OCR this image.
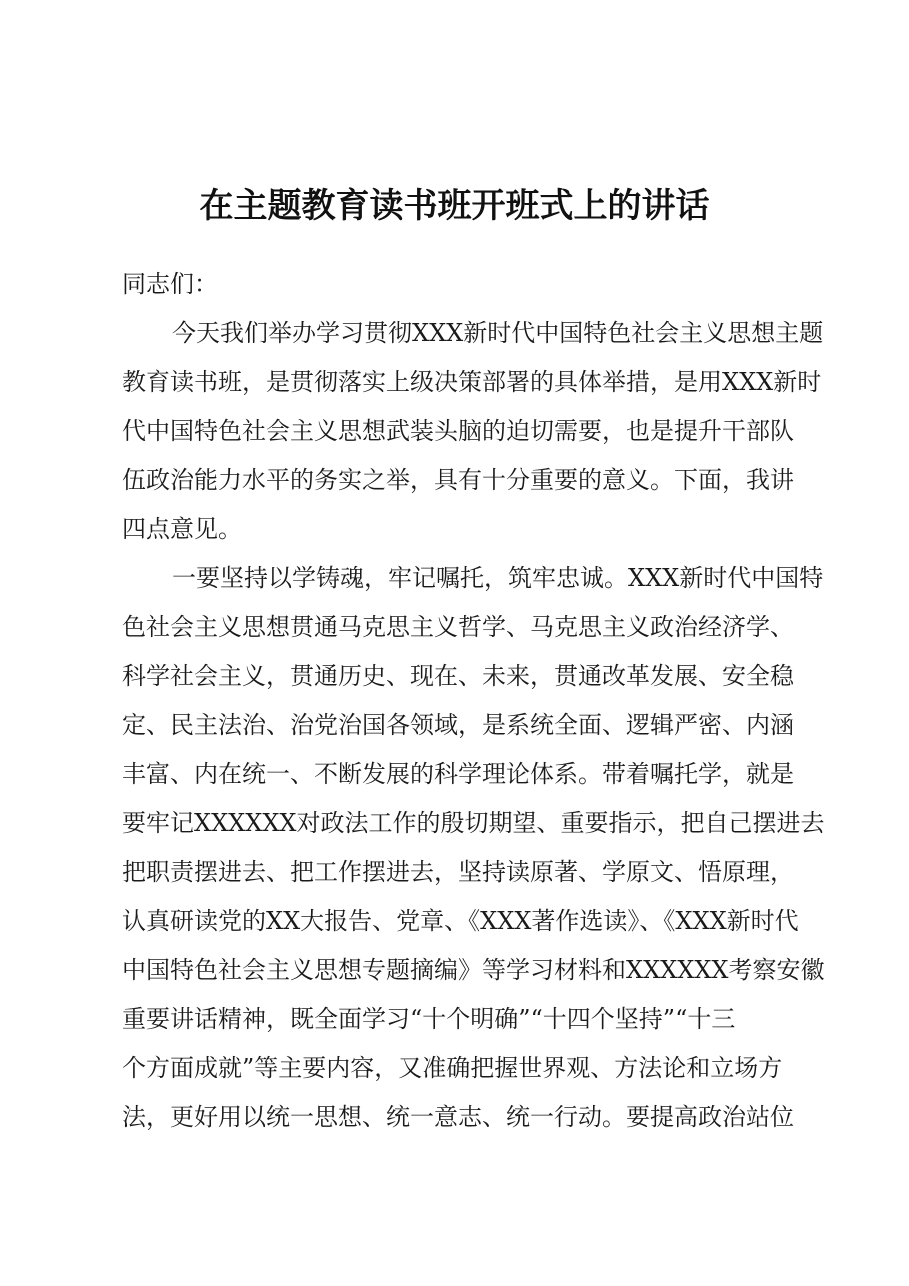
在主题教育读书班开班式上的讲话
同志们：
今天我们举办学习贯彻XXX新时代中国特色社会主义思想主题
教育读书班，是贯彻落实上级决策部署的具体举措，是用XXX新时
代中国特色社会主义思想武装头脑的迫切需要，也是提升干部队
伍政治能力水平的务实之举，具有十分重要的意义。下面，我讲
四点意见。
一要坚持以学铸魂，牢记嘱托，筑牢忠诚。XXX新时代中国特
色社会主义思想贯通马克思主义哲学、马克思主义政治经济学、
科学社会主义，贯通历史、现在、未来，贯通改革发展、安全稳
定、民主法治、治党治国各领域，是系统全面、逻辑严密、内涵
丰富、内在统一、不断发展的科学理论体系。带着嘱托学，就是
要牢记XXXXXX对政法工作的殷切期望、重要指示，把自己摆进去
把职责摆进去、把工作摆进去，坚持读原著、学原文、悟原理，
认真研读党的XX大报告、党章、《XXX著作选读》、《XXX新时代
中国特色社会主义思想专题摘编》等学习材料和XXXXXX考察安徽
重要讲话精神，既全面学习“十个明确”“十四个坚持”“十三
个方面成就”等主要内容，又准确把握世界观、方法论和立场方
法，更好用以统一思想、统一意志、统一行动。要提高政治站位
